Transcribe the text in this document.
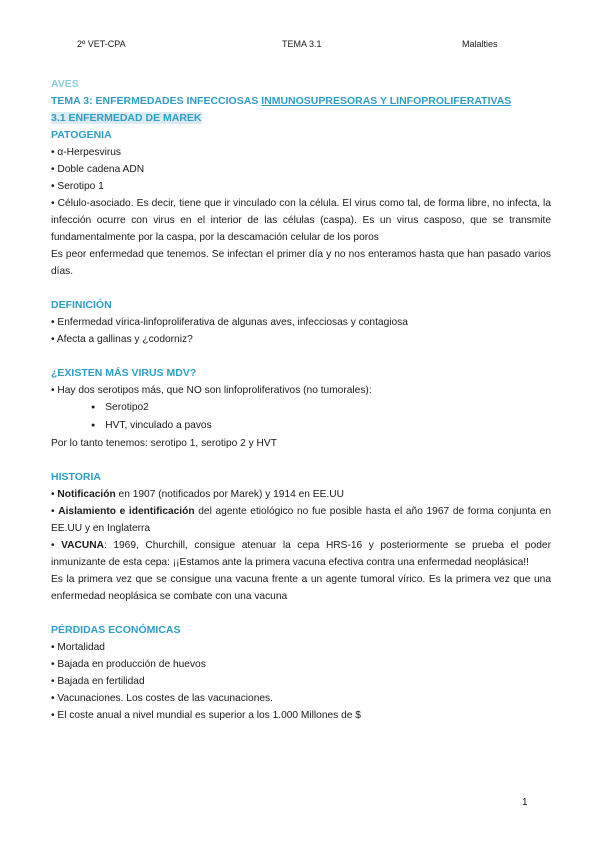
2º VET-CPA	TEMA 3.1	Malalties

AVES

TEMA 3: ENFERMEDADES INFECCIOSAS INMUNOSUPRESORAS Y LINFOPROLIFERATIVAS

3.1 ENFERMEDAD DE MAREK

PATOGENIA

• α-Herpesvirus

• Doble cadena ADN

• Serotipo 1

• Célulo-asociado. Es decir, tiene que ir vinculado con la célula. El virus como tal, de forma libre, no infecta, la infección ocurre con virus en el interior de las células (caspa). Es un virus casposo, que se transmite fundamentalmente por la caspa, por la descamación celular de los poros

Es peor enfermedad que tenemos. Se infectan el primer día y no nos enteramos hasta que han pasado varios días.

DEFINICIÓN

• Enfermedad vírica-linfoproliferativa de algunas aves, infecciosas y contagiosa

• Afecta a gallinas y ¿codorniz?

¿EXISTEN MÁS VIRUS MDV?

• Hay dos serotipos más, que NO son linfoproliferativos (no tumorales):

● Serotipo2

● HVT, vinculado a pavos

Por lo tanto tenemos: serotipo 1, serotipo 2 y HVT

HISTORIA

• Notificación en 1907 (notificados por Marek) y 1914 en EE.UU

• Aislamiento e identificación del agente etiológico no fue posible hasta el año 1967 de forma conjunta en EE.UU y en Inglaterra

• VACUNA: 1969, Churchill, consigue atenuar la cepa HRS-16 y posteriormente se prueba el poder inmunizante de esta cepa: ¡¡Estamos ante la primera vacuna efectiva contra una enfermedad neoplásica!!

Es la primera vez que se consigue una vacuna frente a un agente tumoral vírico. Es la primera vez que una enfermedad neoplásica se combate con una vacuna

PÉRDIDAS ECONÓMICAS

• Mortalidad

• Bajada en producción de huevos

• Bajada en fertilidad

• Vacunaciones. Los costes de las vacunaciones.

• El coste anual a nivel mundial es superior a los 1.000 Millones de $

1
